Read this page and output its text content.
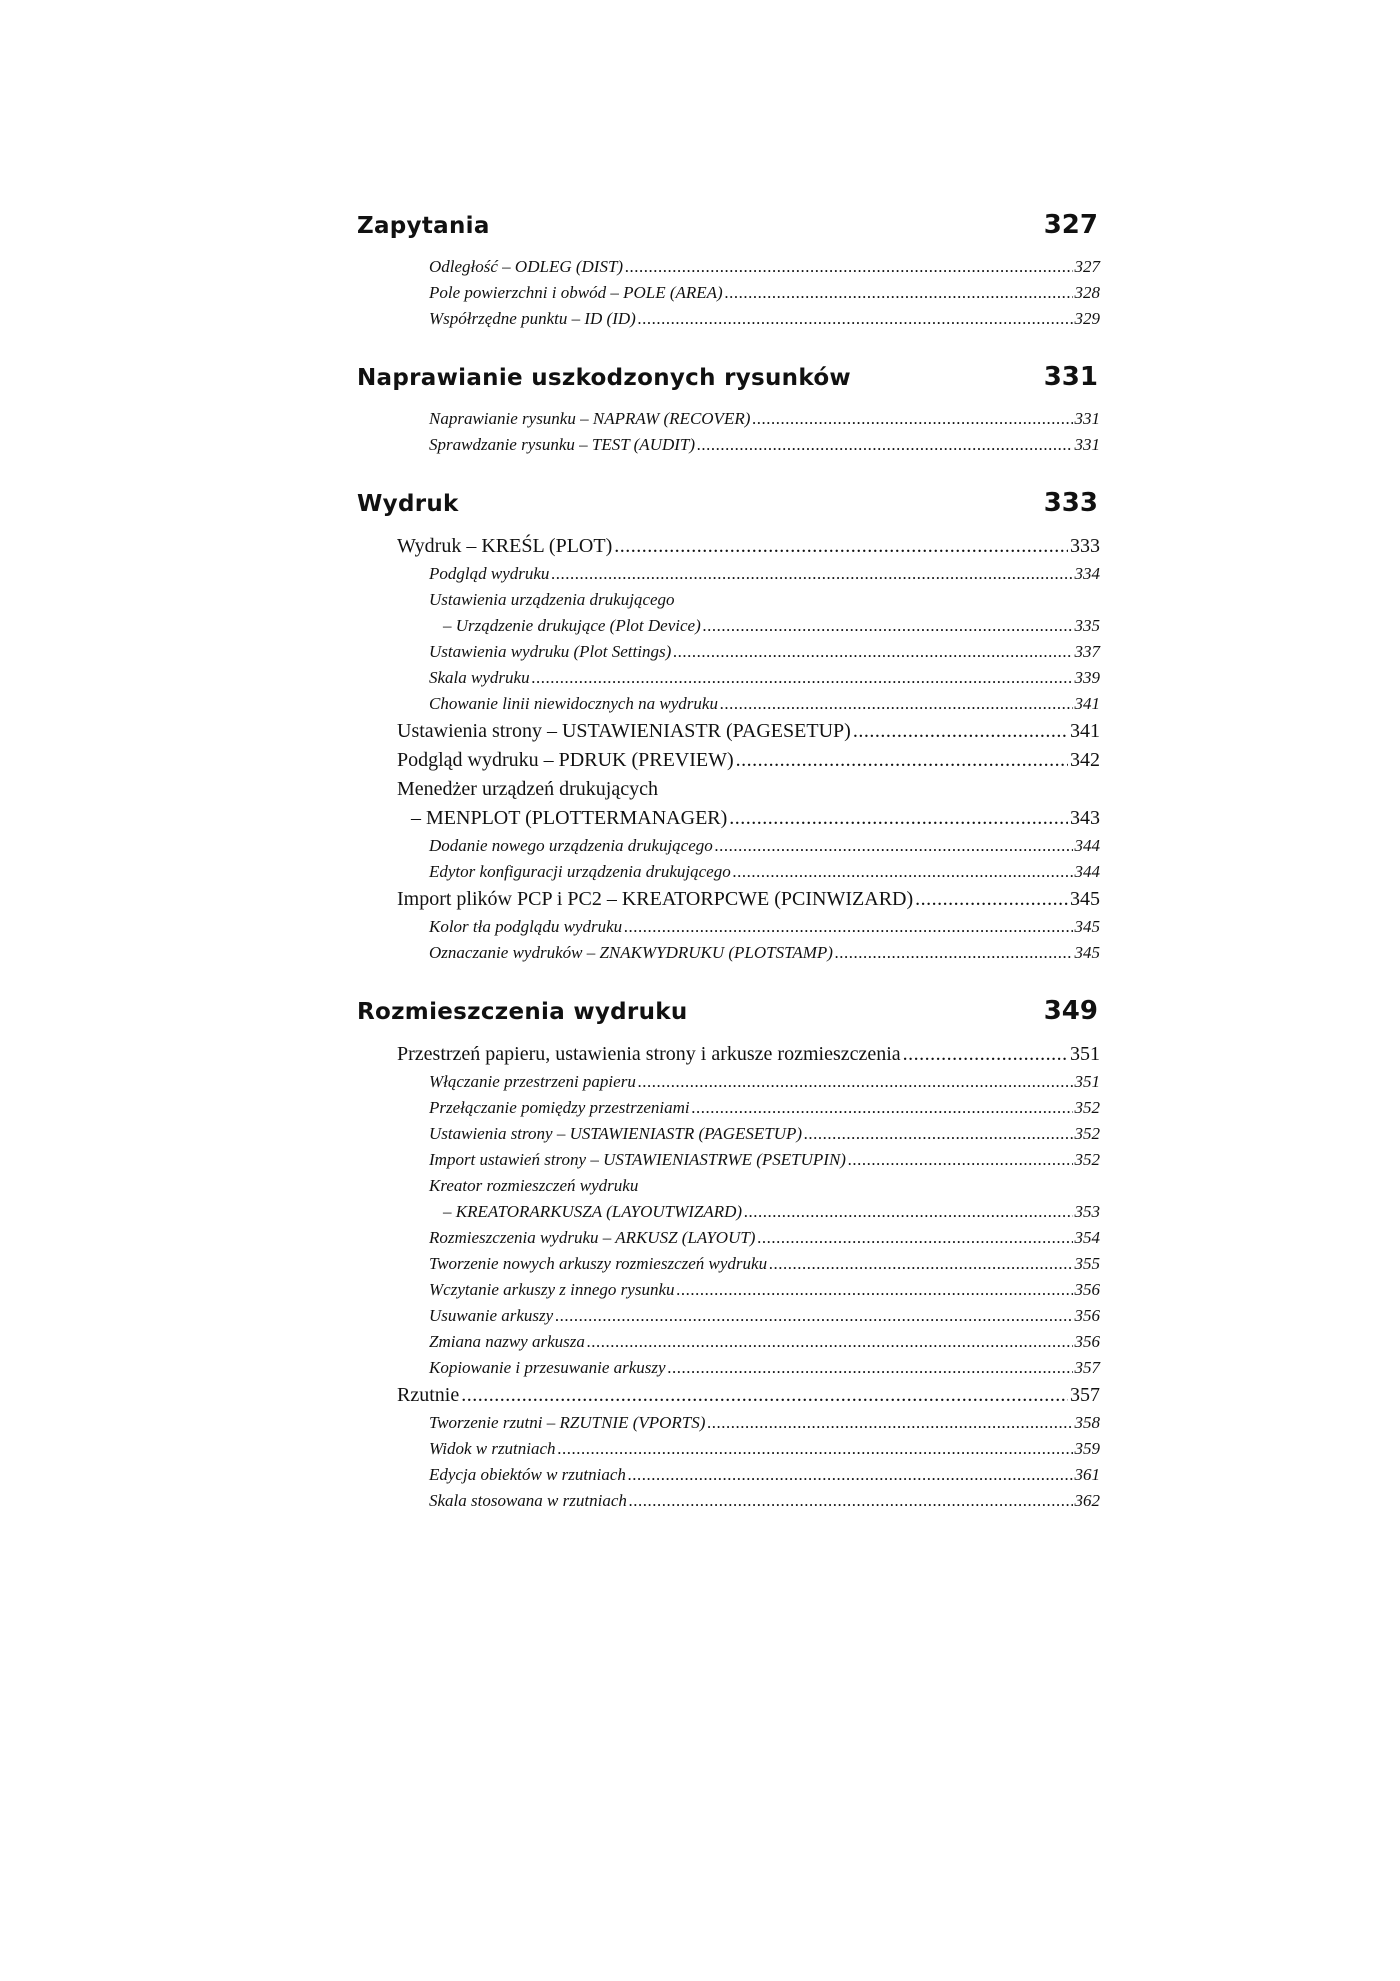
Zapytania	327
Odległość – ODLEG (DIST) .....	327
Pole powierzchni i obwód – POLE (AREA) .....	328
Współrzędne punktu – ID (ID) .....	329
Naprawianie uszkodzonych rysunków	331
Naprawianie rysunku – NAPRAW (RECOVER) .....	331
Sprawdzanie rysunku – TEST (AUDIT) .....	331
Wydruk	333
Wydruk – KREŚL (PLOT) .....	333
Podgląd wydruku .....	334
Ustawienia urządzenia drukującego
– Urządzenie drukujące (Plot Device) .....	335
Ustawienia wydruku (Plot Settings) .....	337
Skala wydruku .....	339
Chowanie linii niewidocznych na wydruku .....	341
Ustawienia strony – USTAWIENIASTR (PAGESETUP) .....	341
Podgląd wydruku – PDRUK (PREVIEW) .....	342
Menedżer urządzeń drukujących
– MENPLOT (PLOTTERMANAGER) .....	343
Dodanie nowego urządzenia drukującego .....	344
Edytor konfiguracji urządzenia drukującego .....	344
Import plików PCP i PC2 – KREATORPCWE (PCINWIZARD) .....	345
Kolor tła podglądu wydruku .....	345
Oznaczanie wydruków – ZNAKWYDRUKU (PLOTSTAMP) .....	345
Rozmieszczenia wydruku	349
Przestrzeń papieru, ustawienia strony i arkusze rozmieszczenia .....	351
Włączanie przestrzeni papieru .....	351
Przełączanie pomiędzy przestrzeniami .....	352
Ustawienia strony – USTAWIENIASTR (PAGESETUP) .....	352
Import ustawień strony – USTAWIENIASTRWE (PSETUPIN) .....	352
Kreator rozmieszczeń wydruku
– KREATORARKUSZA (LAYOUTWIZARD) .....	353
Rozmieszczenia wydruku – ARKUSZ (LAYOUT) .....	354
Tworzenie nowych arkuszy rozmieszczeń wydruku .....	355
Wczytanie arkuszy z innego rysunku .....	356
Usuwanie arkuszy .....	356
Zmiana nazwy arkusza .....	356
Kopiowanie i przesuwanie arkuszy .....	357
Rzutnie .....	357
Tworzenie rzutni – RZUTNIE (VPORTS) .....	358
Widok w rzutniach .....	359
Edycja obiektów w rzutniach .....	361
Skala stosowana w rzutniach .....	362
